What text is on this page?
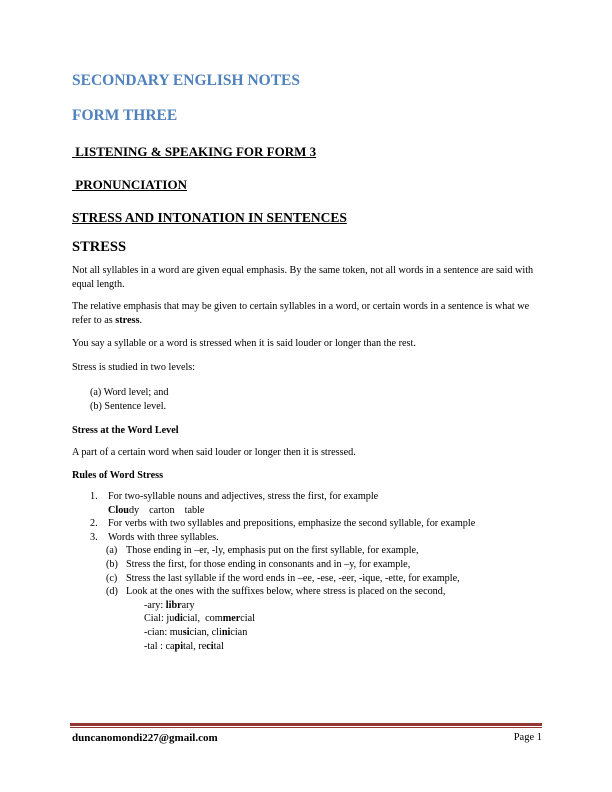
SECONDARY ENGLISH NOTES
FORM THREE
LISTENING & SPEAKING FOR FORM 3
PRONUNCIATION
STRESS AND INTONATION IN SENTENCES
STRESS

Not all syllables in a word are given equal emphasis. By the same token, not all words in a sentence are said with equal length.

The relative emphasis that may be given to certain syllables in a word, or certain words in a sentence is what we refer to as stress.

You say a syllable or a word is stressed when it is said louder or longer than the rest.

Stress is studied in two levels:

(a) Word level; and
(b) Sentence level.
Stress at the Word Level

A part of a certain word when said louder or longer then it is stressed.

Rules of Word Stress
1. For two-syllable nouns and adjectives, stress the first, for example
Cloudy carton table
2. For verbs with two syllables and prepositions, emphasize the second syllable, for example
3. Words with three syllables.
(a) Those ending in –er, -ly, emphasis put on the first syllable, for example,
(b) Stress the first, for those ending in consonants and in –y, for example,
(c) Stress the last syllable if the word ends in –ee, -ese, -eer, -ique, -ette, for example,
(d) Look at the ones with the suffixes below, where stress is placed on the second,
-ary: library
Cial: judicial, commercial
-cian: musician, clinician
-tal : capital, recital
duncanomondi227@gmail.com	Page 1
